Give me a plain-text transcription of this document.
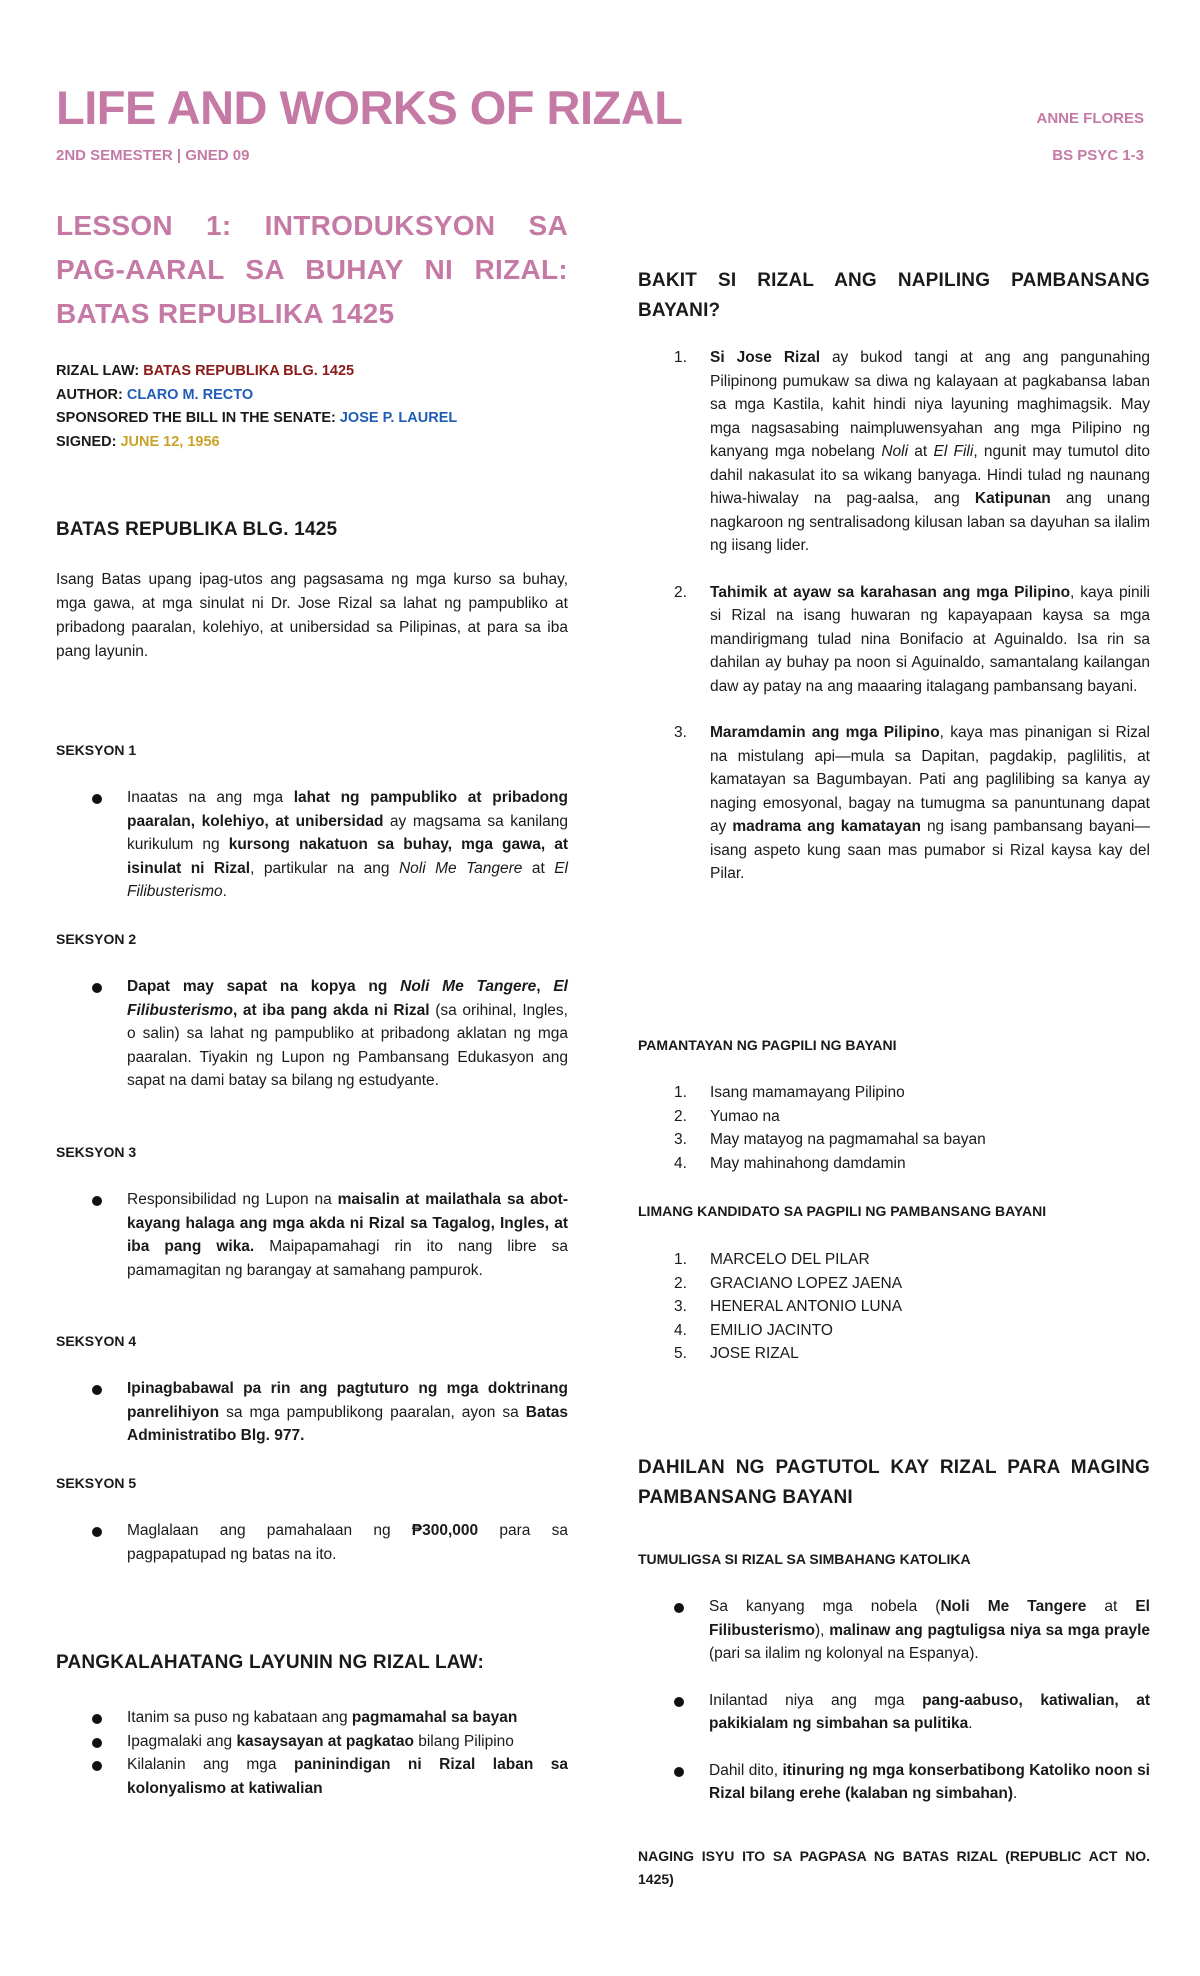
LIFE AND WORKS OF RIZAL
2ND SEMESTER | GNED 09
ANNE FLORES
BS PSYC 1-3
LESSON 1: INTRODUKSYON SA PAG-AARAL SA BUHAY NI RIZAL: BATAS REPUBLIKA 1425
RIZAL LAW: BATAS REPUBLIKA BLG. 1425
AUTHOR: CLARO M. RECTO
SPONSORED THE BILL IN THE SENATE: JOSE P. LAUREL
SIGNED: JUNE 12, 1956
BATAS REPUBLIKA BLG. 1425
Isang Batas upang ipag-utos ang pagsasama ng mga kurso sa buhay, mga gawa, at mga sinulat ni Dr. Jose Rizal sa lahat ng pampubliko at pribadong paaralan, kolehiyo, at unibersidad sa Pilipinas, at para sa iba pang layunin.
SEKSYON 1
Inaatas na ang mga lahat ng pampubliko at pribadong paaralan, kolehiyo, at unibersidad ay magsama sa kanilang kurikulum ng kursong nakatuon sa buhay, mga gawa, at isinulat ni Rizal, partikular na ang Noli Me Tangere at El Filibusterismo.
SEKSYON 2
Dapat may sapat na kopya ng Noli Me Tangere, El Filibusterismo, at iba pang akda ni Rizal (sa orihinal, Ingles, o salin) sa lahat ng pampubliko at pribadong aklatan ng mga paaralan. Tiyakin ng Lupon ng Pambansang Edukasyon ang sapat na dami batay sa bilang ng estudyante.
SEKSYON 3
Responsibilidad ng Lupon na maisalin at mailathala sa abot-kayang halaga ang mga akda ni Rizal sa Tagalog, Ingles, at iba pang wika. Maipapamahagi rin ito nang libre sa pamamagitan ng barangay at samahang pampurok.
SEKSYON 4
Ipinagbabawal pa rin ang pagtuturo ng mga doktrinang panrelihiyon sa mga pampublikong paaralan, ayon sa Batas Administratibo Blg. 977.
SEKSYON 5
Maglalaan ang pamahalaan ng ₱300,000 para sa pagpapatupad ng batas na ito.
PANGKALAHATANG LAYUNIN NG RIZAL LAW:
Itanim sa puso ng kabataan ang pagmamahal sa bayan
Ipagmalaki ang kasaysayan at pagkatao bilang Pilipino
Kilalanin ang mga paninindigan ni Rizal laban sa kolonyalismo at katiwalian
BAKIT SI RIZAL ANG NAPILING PAMBANSANG BAYANI?
1. Si Jose Rizal ay bukod tangi at ang ang pangunahing Pilipinong pumukaw sa diwa ng kalayaan at pagkabansa laban sa mga Kastila, kahit hindi niya layuning maghimagsik. May mga nagsasabing naimpluwensyahan ang mga Pilipino ng kanyang mga nobelang Noli at El Fili, ngunit may tumutol dito dahil nakasulat ito sa wikang banyaga. Hindi tulad ng naunang hiwa-hiwalay na pag-aalsa, ang Katipunan ang unang nagkaroon ng sentralisadong kilusan laban sa dayuhan sa ilalim ng iisang lider.
2. Tahimik at ayaw sa karahasan ang mga Pilipino, kaya pinili si Rizal na isang huwaran ng kapayapaan kaysa sa mga mandirigmang tulad nina Bonifacio at Aguinaldo. Isa rin sa dahilan ay buhay pa noon si Aguinaldo, samantalang kailangan daw ay patay na ang maaaring italagang pambansang bayani.
3. Maramdamin ang mga Pilipino, kaya mas pinanigan si Rizal na mistulang api—mula sa Dapitan, pagdakip, paglilitis, at kamatayan sa Bagumbayan. Pati ang paglilibing sa kanya ay naging emosyonal, bagay na tumugma sa panuntunang dapat ay madrama ang kamatayan ng isang pambansang bayani—isang aspeto kung saan mas pumabor si Rizal kaysa kay del Pilar.
PAMANTAYAN NG PAGPILI NG BAYANI
1. Isang mamamayang Pilipino
2. Yumao na
3. May matayog na pagmamahal sa bayan
4. May mahinahong damdamin
LIMANG KANDIDATO SA PAGPILI NG PAMBANSANG BAYANI
1. MARCELO DEL PILAR
2. GRACIANO LOPEZ JAENA
3. HENERAL ANTONIO LUNA
4. EMILIO JACINTO
5. JOSE RIZAL
DAHILAN NG PAGTUTOL KAY RIZAL PARA MAGING PAMBANSANG BAYANI
TUMULIGSA SI RIZAL SA SIMBAHANG KATOLIKA
Sa kanyang mga nobela (Noli Me Tangere at El Filibusterismo), malinaw ang pagtuligsa niya sa mga prayle (pari sa ilalim ng kolonyal na Espanya).
Inilantad niya ang mga pang-aabuso, katiwalian, at pakikialam ng simbahan sa pulitika.
Dahil dito, itinuring ng mga konserbatibong Katoliko noon si Rizal bilang erehe (kalaban ng simbahan).
NAGING ISYU ITO SA PAGPASA NG BATAS RIZAL (REPUBLIC ACT NO. 1425)
